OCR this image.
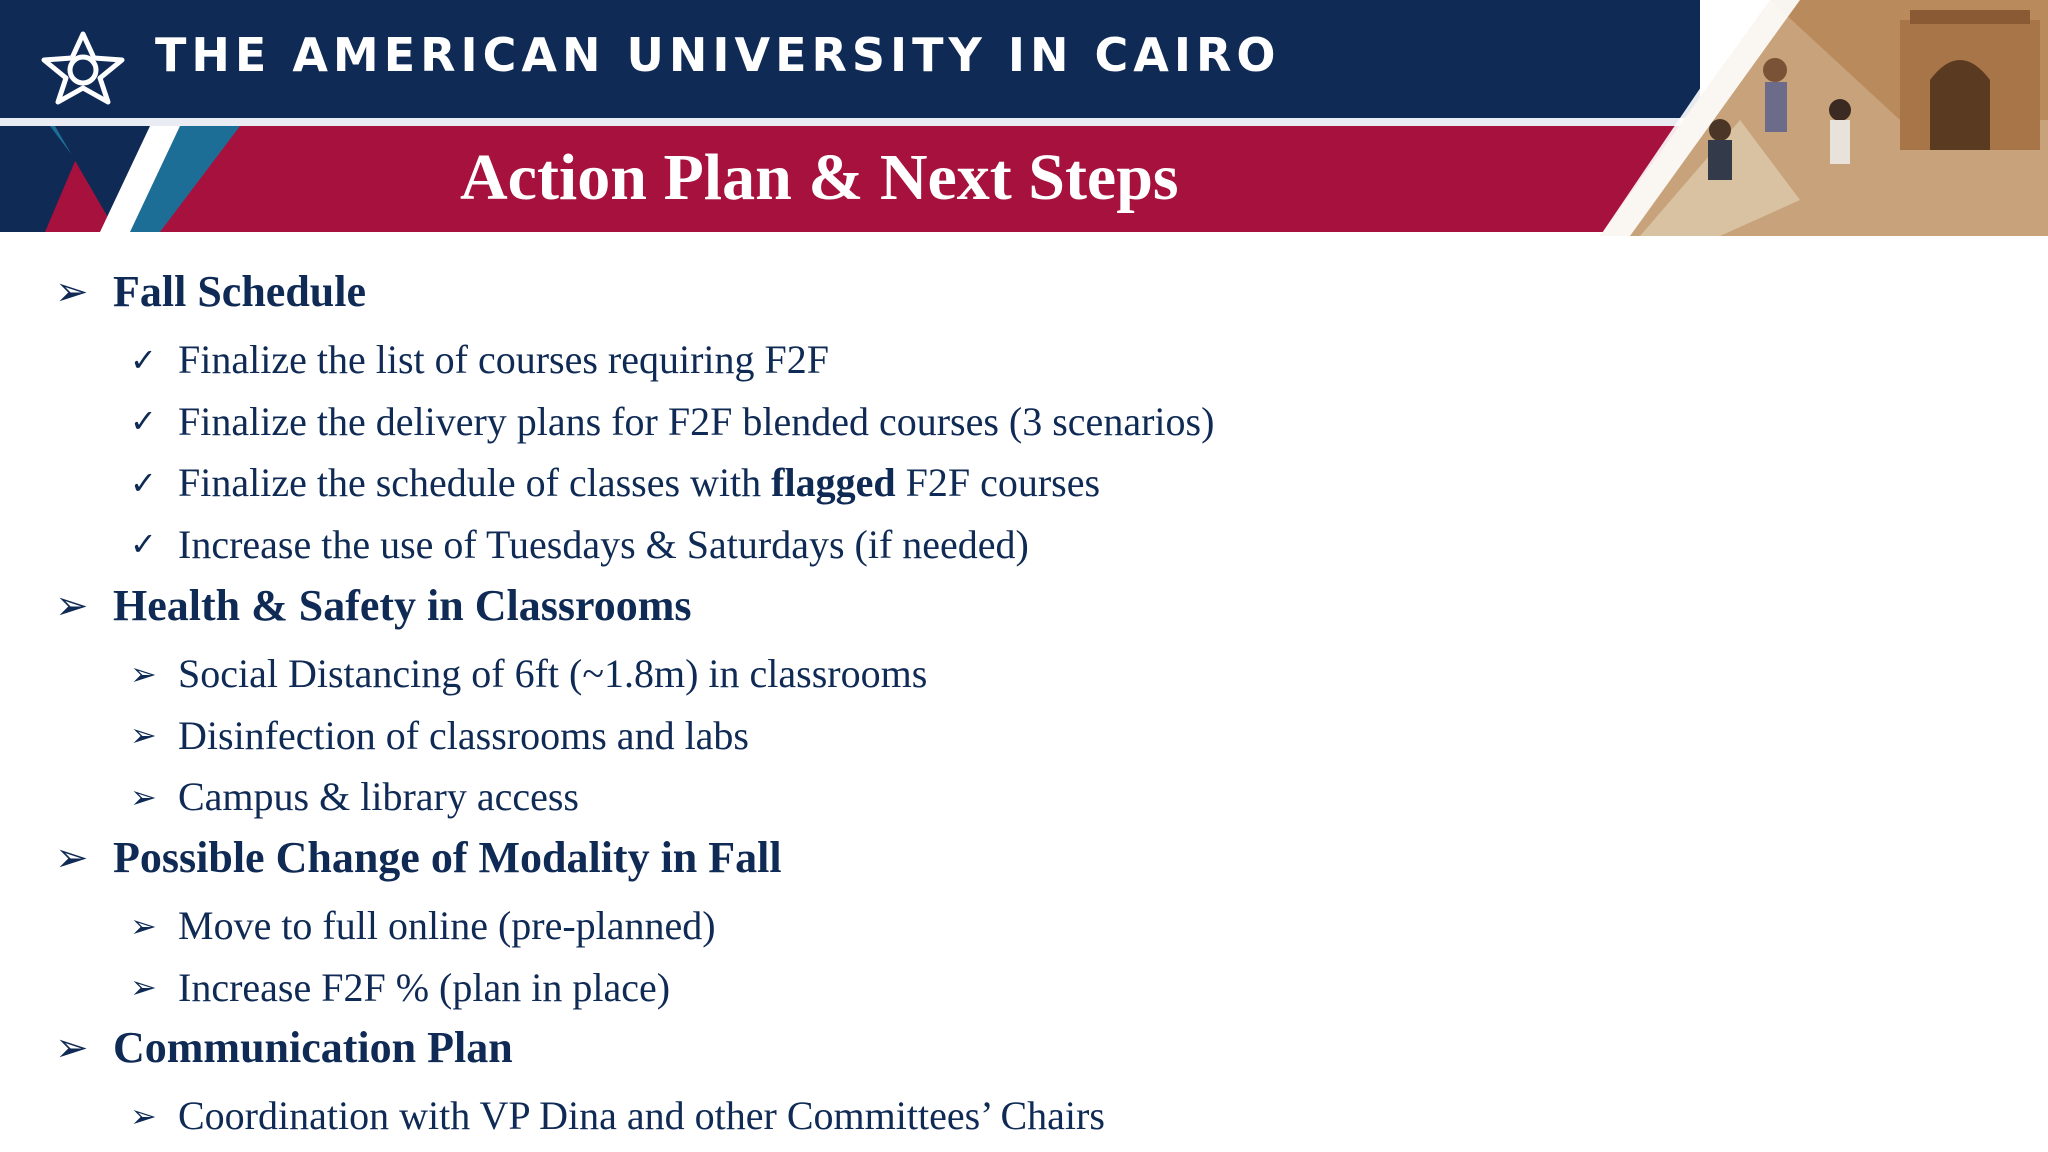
THE AMERICAN UNIVERSITY IN CAIRO
Action Plan & Next Steps
➢ Fall Schedule
✓ Finalize the list of courses requiring F2F
✓ Finalize the delivery plans for F2F blended courses (3 scenarios)
✓ Finalize the schedule of classes with flagged F2F courses
✓ Increase the use of Tuesdays & Saturdays (if needed)
➢ Health & Safety in Classrooms
➢ Social Distancing of 6ft (~1.8m) in classrooms
➢ Disinfection of classrooms and labs
➢ Campus & library access
➢ Possible Change of Modality in Fall
➢ Move to full online (pre-planned)
➢ Increase F2F % (plan in place)
➢ Communication Plan
➢ Coordination with VP Dina and other Committees’ Chairs
